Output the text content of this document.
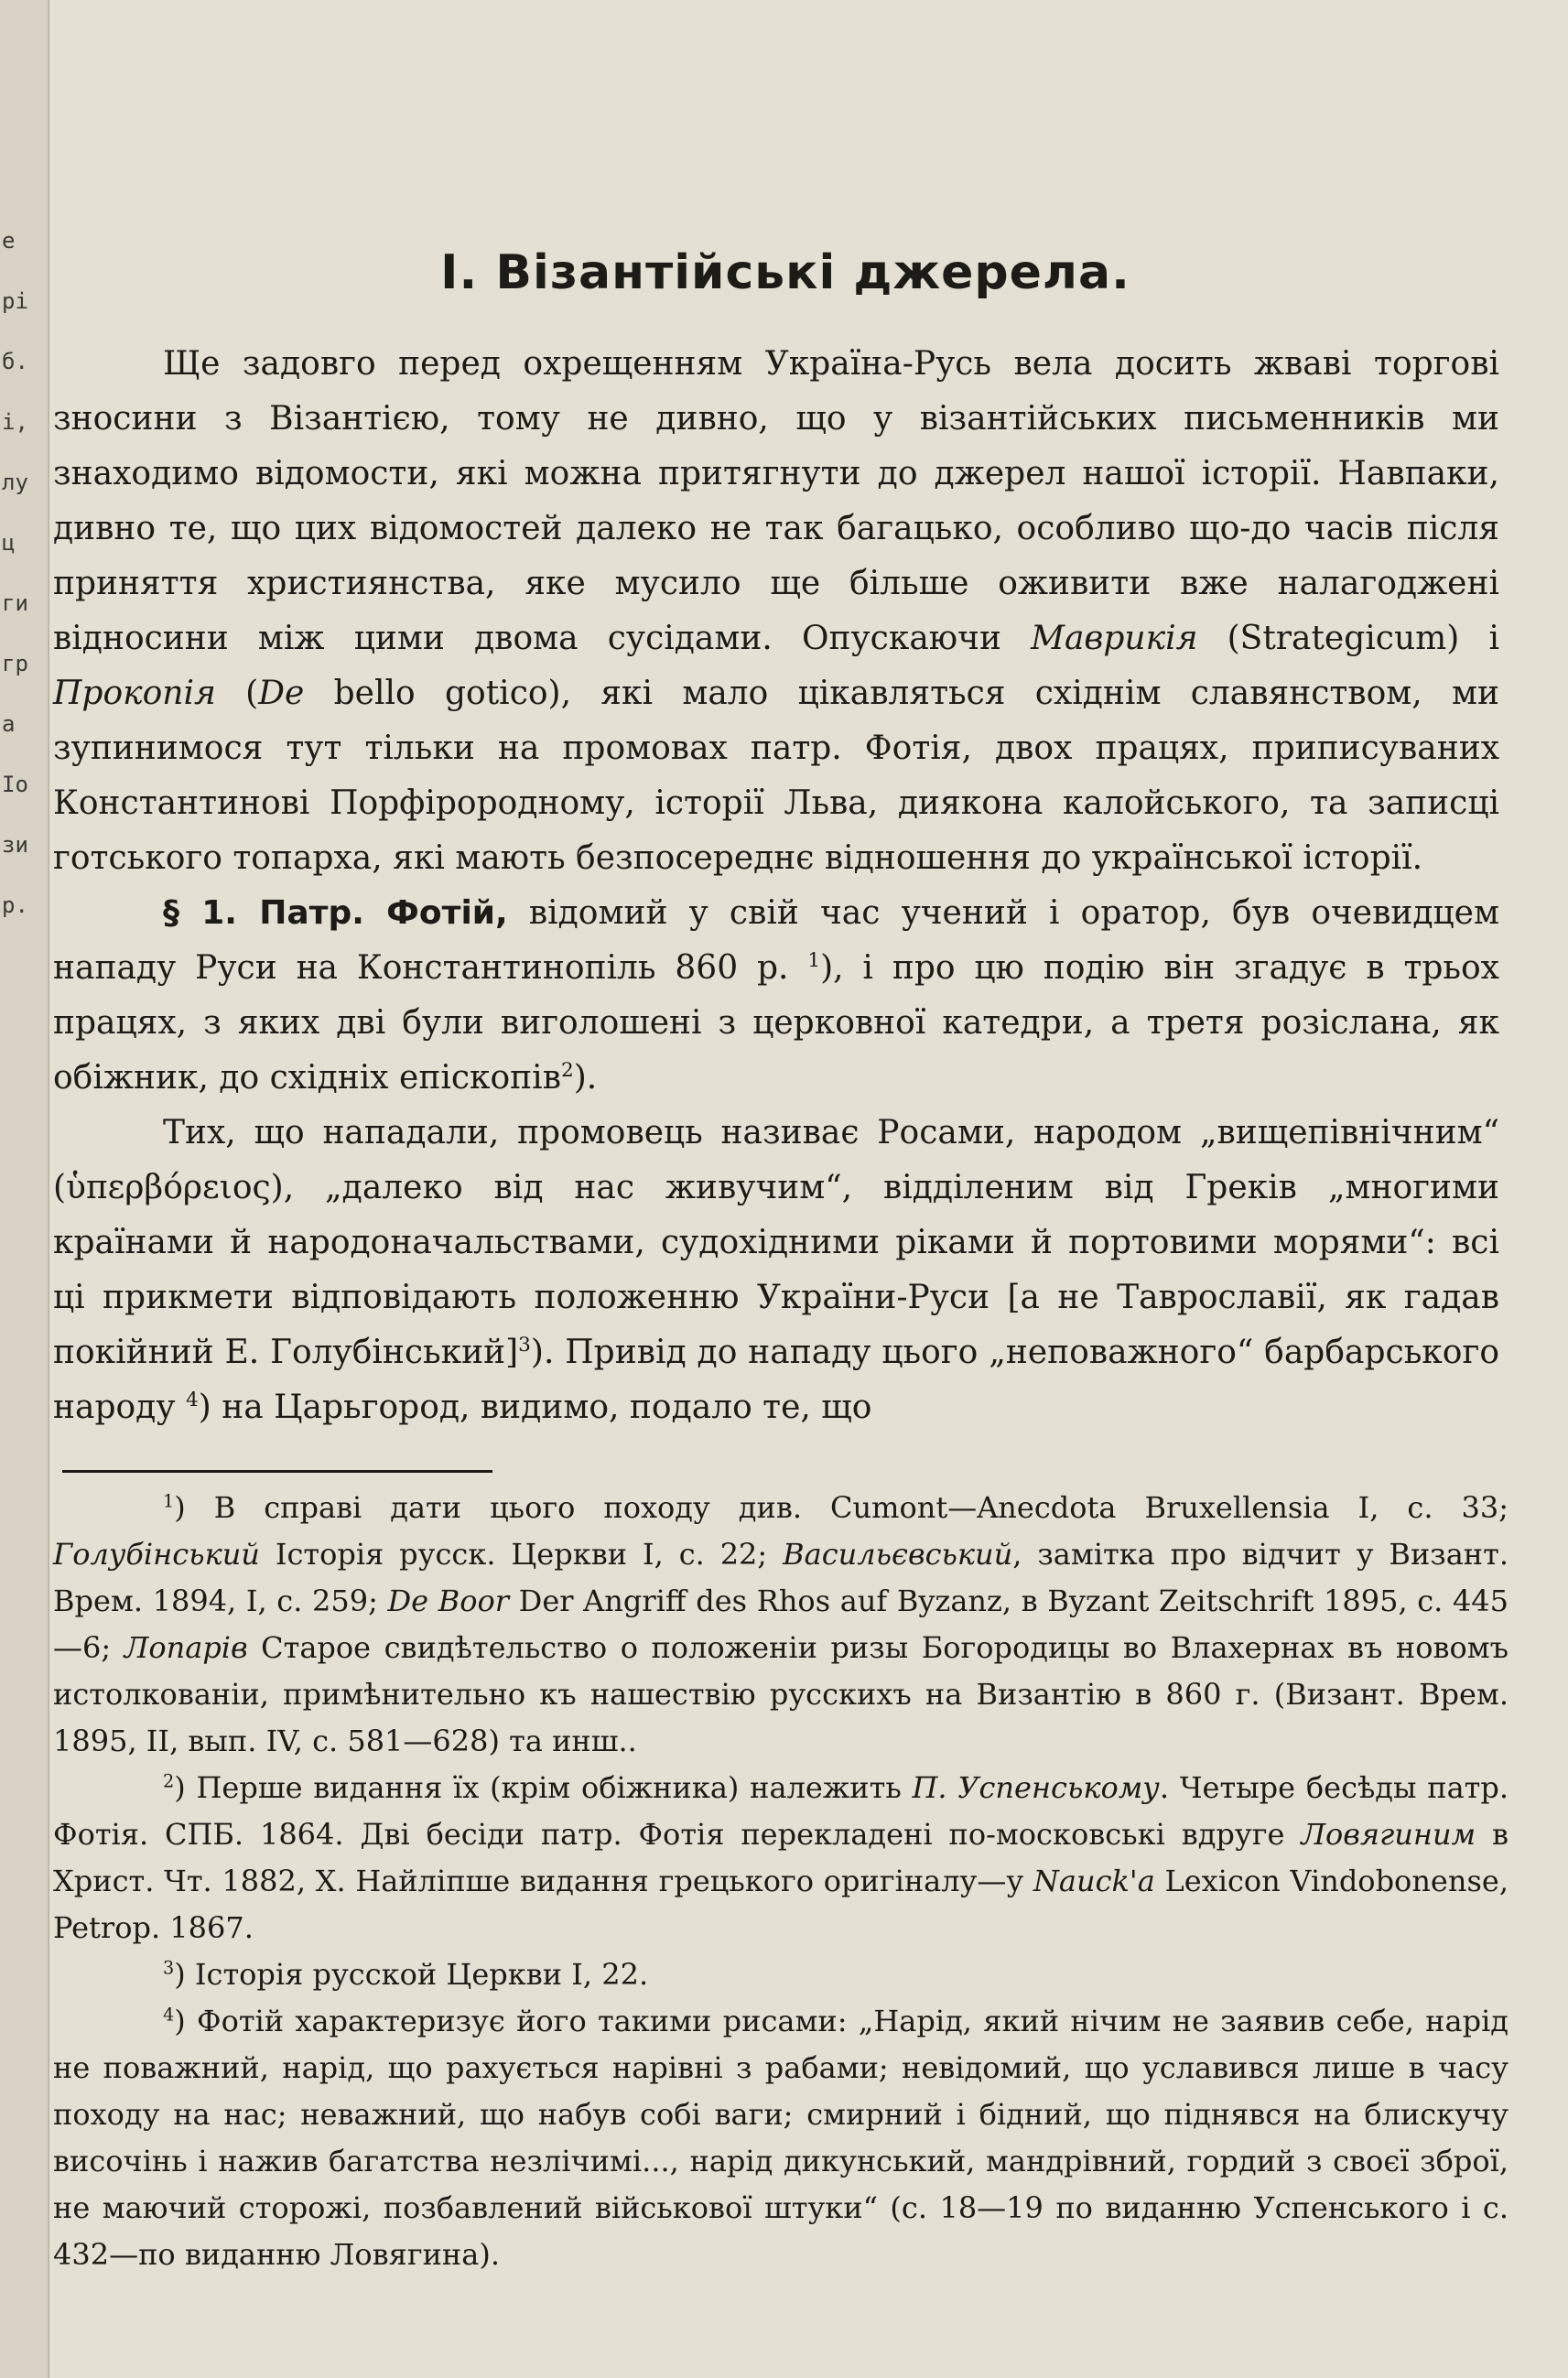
е
рі
б.
і,
лу
ц
ги
гр
а
Іо
зи
р.
І. Візантійські джерела.

Ще задовго перед охрещенням Україна-Русь вела досить жваві торгові зносини з Візантією, тому не дивно, що у візантійських письменників ми знаходимо відомости, які можна притягнути до джерел нашої історії. Навпаки, дивно те, що цих відомостей далеко не так багацько, особливо що-до часів після приняття християнства, яке мусило ще більше оживити вже налагоджені відносини між цими двома сусідами. Опускаючи Маврикія (Strategicum) і Прокопія (De bello gotico), які мало цікавляться східнім славянством, ми зупинимося тут тільки на промовах патр. Фотія, двох працях, приписуваних Константинові Порфірородному, історії Льва, диякона калойського, та записці готського топарха, які мають безпосереднє відношення до української історії.

§ 1. Патр. Фотій, відомий у свій час учений і оратор, був очевидцем нападу Руси на Константинопіль 860 р. $^1$), і про цю подію він згадує в трьох працях, з яких дві були виголошені з церковної катедри, а третя розіслана, як обіжник, до східніх епіскопів$^2$).

Тих, що нападали, промовець називає Росами, народом „вищепівнічним“ (ὑπερβόρειος), „далеко від нас живучим“, відділеним від Греків „многими країнами й народоначальствами, судохідними ріками й портовими морями“: всі ці прикмети відповідають положенню України-Руси [а не Таврославії, як гадав покійний Е. Голубінський]$^3$). Привід до нападу цього „неповажного“ барбарського народу $^4$) на Царьгород, видимо, подало те, що

$^1$) В справі дати цього походу див. Cumont—Anecdota Bruxellensia I, с. 33; Голубінський Історія русск. Церкви I, с. 22; Васильєвський, замітка про відчит у Визант. Врем. 1894, I, с. 259; De Boor Der Angriff des Rhos auf Byzanz, в Byzant Zeitschrift 1895, с. 445—6; Лопарів Старое свидѣтельство о положеніи ризы Богородицы во Влахернах въ новомъ истолкованіи, примѣнительно къ нашествію русскихъ на Византію в 860 г. (Визант. Врем. 1895, II, вып. IV, с. 581—628) та инш..

$^2$) Перше видання їх (крім обіжника) належить П. Успенському. Четыре бесѣды патр. Фотія. СПБ. 1864. Дві бесіди патр. Фотія перекладені по-московські вдруге Ловягиним в Христ. Чт. 1882, X. Найліпше видання грецького оригіналу—у Nauck'a Lexicon Vindobonense, Petrop. 1867.

$^3$) Історія русской Церкви I, 22.

$^4$) Фотій характеризує його такими рисами: „Нарід, який нічим не заявив себе, нарід не поважний, нарід, що рахується нарівні з рабами; невідомий, що уславився лише в часу походу на нас; неважний, що набув собі ваги; смирний і бідний, що піднявся на блискучу височінь і нажив багатства незлічимі..., нарід дикунський, мандрівний, гордий з своєї зброї, не маючий сторожі, позбавлений військової штуки“ (с. 18—19 по виданню Успенського і с. 432—по виданню Ловягина).
